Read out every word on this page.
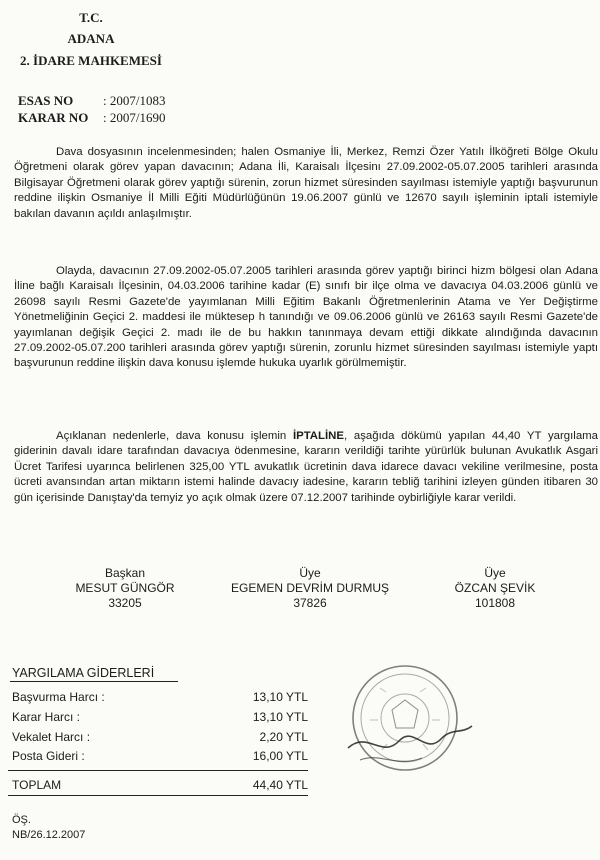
T.C.
ADANA
2. İDARE MAHKEMESİ
ESAS NO : 2007/1083
KARAR NO : 2007/1690
Dava dosyasının incelenmesinden; halen Osmaniye İli, Merkez, Remzi Özer Yatılı İlköğreti Bölge Okulu Öğretmeni olarak görev yapan davacının; Adana İli, Karaisalı İlçesinı 27.09.2002-05.07.2005 tarihleri arasında Bilgisayar Öğretmeni olarak görev yaptığı sürenin, zorun hizmet süresinden sayılması istemiyle yaptığı başvurunun reddine ilişkin Osmaniye İl Milli Eğiti Müdürlüğünün 19.06.2007 günlü ve 12670 sayılı işleminin iptali istemiyle bakılan davanın açıldı anlaşılmıştır.
Olayda, davacının 27.09.2002-05.07.2005 tarihleri arasında görev yaptığı birinci hizm bölgesi olan Adana İline bağlı Karaisalı İlçesinin, 04.03.2006 tarihine kadar (E) sınıfı bir ilçe olma ve davacıya 04.03.2006 günlü ve 26098 sayılı Resmi Gazete'de yayımlanan Milli Eğitim Bakanlı Öğretmenlerinin Atama ve Yer Değiştirme Yönetmeliğinin Geçici 2. maddesi ile müktesep h tanındığı ve 09.06.2006 günlü ve 26163 sayılı Resmi Gazete'de yayımlanan değişik Geçici 2. madı ile de bu hakkın tanınmaya devam ettiği dikkate alındığında davacının 27.09.2002-05.07.200 tarihleri arasında görev yaptığı sürenin, zorunlu hizmet süresinden sayılması istemiyle yaptı başvurunun reddine ilişkin dava konusu işlemde hukuka uyarlık görülmemiştir.
Açıklanan nedenlerle, dava konusu işlemin İPTALİNE, aşağıda dökümü yapılan 44,40 YT yargılama giderinin davalı idare tarafından davacıya ödenmesine, kararın verildiği tarihte yürürlük bulunan Avukatlık Asgari Ücret Tarifesi uyarınca belirlenen 325,00 YTL avukatlık ücretinin dava idarece davacı vekiline verilmesine, posta ücreti avansından artan miktarın istemi halinde davacıy iadesine, kararın tebliğ tarihini izleyen günden itibaren 30 gün içerisinde Danıştay'da temyiz yo açık olmak üzere 07.12.2007 tarihinde oybirliğiyle karar verildi.
Başkan
MESUT GÜNGÖR
33205
Üye
EGEMEN DEVRİM DURMUŞ
37826
Üye
ÖZCAN ŞEVİK
101808
YARGILAMA GİDERLERİ
Başvurma Harcı :	13,10 YTL
Karar Harcı :	13,10 YTL
Vekalet Harcı :	2,20 YTL
Posta Gideri :	16,00 YTL
TOPLAM	44,40 YTL
ÖŞ.
NB/26.12.2007
